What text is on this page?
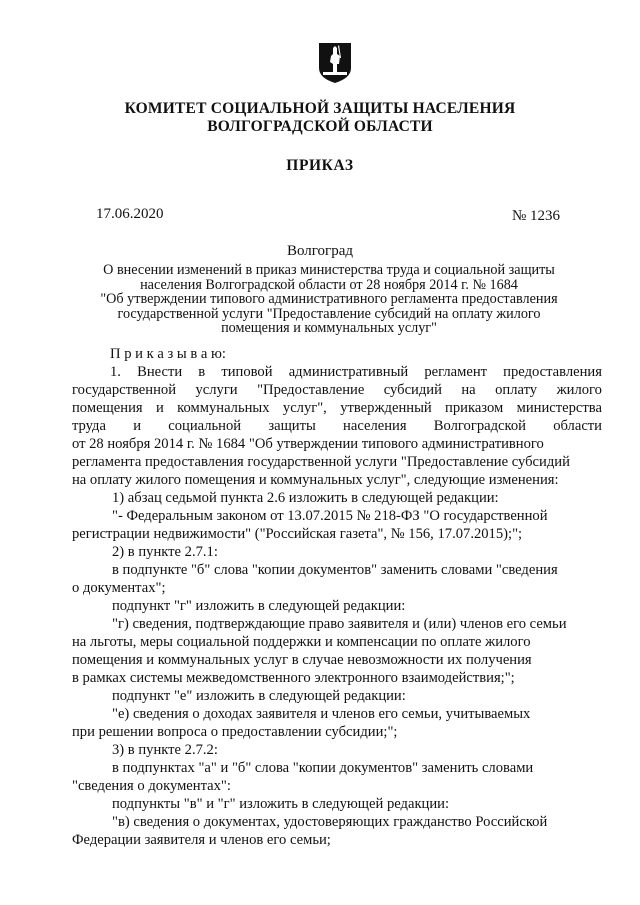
КОМИТЕТ СОЦИАЛЬНОЙ ЗАЩИТЫ НАСЕЛЕНИЯ
ВОЛГОГРАДСКОЙ ОБЛАСТИ
ПРИКАЗ
17.06.2020	№ 1236
Волгоград
О внесении изменений в приказ министерства труда и социальной защиты
населения Волгоградской области от 28 ноября 2014 г. № 1684
"Об утверждении типового административного регламента предоставления
государственной услуги "Предоставление субсидий на оплату жилого
помещения и коммунальных услуг"
П р и к а з ы в а ю:
1. Внести в типовой административный регламент предоставления
государственной услуги "Предоставление субсидий на оплату жилого
помещения и коммунальных услуг", утвержденный приказом министерства
труда и социальной защиты населения Волгоградской области
от 28 ноября 2014 г. № 1684 "Об утверждении типового административного
регламента предоставления государственной услуги "Предоставление субсидий
на оплату жилого помещения и коммунальных услуг", следующие изменения:
1) абзац седьмой пункта 2.6 изложить в следующей редакции:
"- Федеральным законом от 13.07.2015 № 218-ФЗ "О государственной
регистрации недвижимости" ("Российская газета", № 156, 17.07.2015);";
2) в пункте 2.7.1:
в подпункте "б" слова "копии документов" заменить словами "сведения
о документах";
подпункт "г" изложить в следующей редакции:
"г) сведения, подтверждающие право заявителя и (или) членов его семьи
на льготы, меры социальной поддержки и компенсации по оплате жилого
помещения и коммунальных услуг в случае невозможности их получения
в рамках системы межведомственного электронного взаимодействия;";
подпункт "е" изложить в следующей редакции:
"е) сведения о доходах заявителя и членов его семьи, учитываемых
при решении вопроса о предоставлении субсидии;";
3) в пункте 2.7.2:
в подпунктах "а" и "б" слова "копии документов" заменить словами
"сведения о документах":
подпункты "в" и "г" изложить в следующей редакции:
"в) сведения о документах, удостоверяющих гражданство Российской
Федерации заявителя и членов его семьи;
